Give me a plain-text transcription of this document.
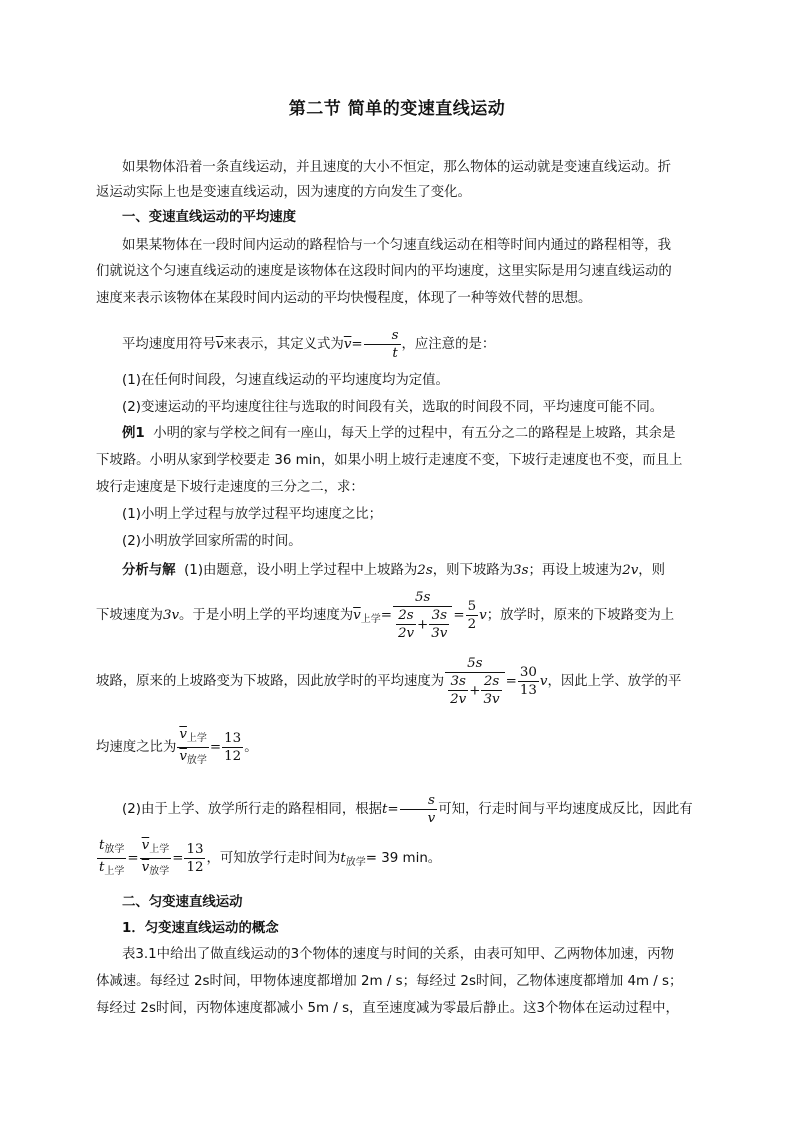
第二节 简单的变速直线运动
如果物体沿着一条直线运动，并且速度的大小不恒定，那么物体的运动就是变速直线运动。折
返运动实际上也是变速直线运动，因为速度的方向发生了变化。
一、变速直线运动的平均速度
如果某物体在一段时间内运动的路程恰与一个匀速直线运动在相等时间内通过的路程相等，我
们就说这个匀速直线运动的速度是该物体在这段时间内的平均速度，这里实际是用匀速直线运动的
速度来表示该物体在某段时间内运动的平均快慢程度，体现了一种等效代替的思想。
平均速度用符号$\overline{v}$来表示，其定义式为$\overline{v}= \frac{s}{t}$ ，应注意的是：
(1)在任何时间段，匀速直线运动的平均速度均为定值。
(2)变速运动的平均速度往往与选取的时间段有关，选取的时间段不同，平均速度可能不同。
例1 小明的家与学校之间有一座山，每天上学的过程中，有五分之二的路程是上坡路，其余是
下坡路。小明从家到学校要走 36 min，如果小明上坡行走速度不变，下坡行走速度也不变，而且上
坡行走速度是下坡行走速度的三分之二，求：
(1)小明上学过程与放学过程平均速度之比；
(2)小明放学回家所需的时间。
分析与解 (1)由题意，设小明上学过程中上坡路为2s，则下坡路为3s；再设上坡速为2v，则
下坡速度为3v。于是小明上学的平均速度为$\overline{v}_{上学}= \frac{5s}{\frac{2s}{2v} + \frac{3s}{3v}} = \frac{5}{2}$ v；放学时，原来的下坡路变为上
坡路，原来的上坡路变为下坡路，因此放学时的平均速度为 $\frac{5s}{\frac{3s}{2v} + \frac{2s}{3v}} = \frac{30}{13}$ v，因此上学、放学的平
均速度之比为 $\frac{\overline{v}_{上学}}{\overline{v}_{放学}} = \frac{13}{12}$ 。
(2)由于上学、放学所行走的路程相同，根据$t= \frac{s}{v}$ 可知，行走时间与平均速度成反比，因此有
$\frac{t_{放学}}{t_{上学}} = \frac{\overline{v}_{上学}}{\overline{v}_{放学}} = \frac{13}{12}$ ，可知放学行走时间为$t_{放学}= 39$ min。
二、匀变速直线运动
1．匀变速直线运动的概念
表3.1中给出了做直线运动的3个物体的速度与时间的关系，由表可知甲、乙两物体加速，丙物
体减速。每经过 2s时间，甲物体速度都增加 2m / s；每经过 2s时间，乙物体速度都增加 4m / s；
每经过 2s时间，丙物体速度都减小 5m / s，直至速度减为零最后静止。这3个物体在运动过程中，
